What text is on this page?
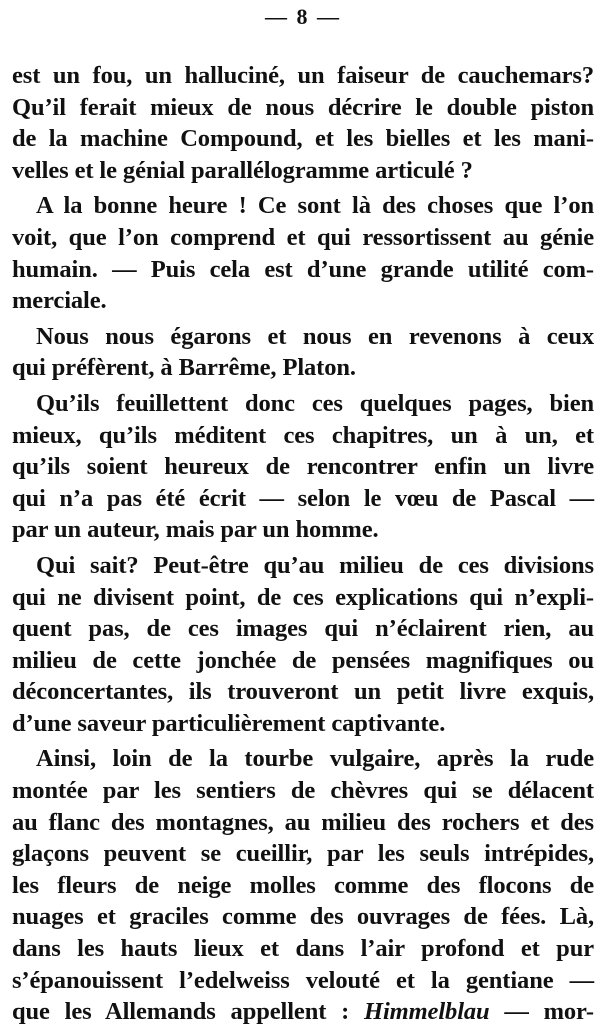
— 8 —
est un fou, un halluciné, un faiseur de cauchemars?
Qu’il ferait mieux de nous décrire le double piston
de la machine Compound, et les bielles et les mani-
velles et le génial parallélogramme articulé ?
A la bonne heure ! Ce sont là des choses que l’on
voit, que l’on comprend et qui ressortissent au génie
humain. — Puis cela est d’une grande utilité com-
merciale.
Nous nous égarons et nous en revenons à ceux
qui préfèrent, à Barrême, Platon.
Qu’ils feuillettent donc ces quelques pages, bien
mieux, qu’ils méditent ces chapitres, un à un, et
qu’ils soient heureux de rencontrer enfin un livre
qui n’a pas été écrit — selon le vœu de Pascal —
par un auteur, mais par un homme.
Qui sait? Peut-être qu’au milieu de ces divisions
qui ne divisent point, de ces explications qui n’expli-
quent pas, de ces images qui n’éclairent rien, au
milieu de cette jonchée de pensées magnifiques ou
déconcertantes, ils trouveront un petit livre exquis,
d’une saveur particulièrement captivante.
Ainsi, loin de la tourbe vulgaire, après la rude
montée par les sentiers de chèvres qui se délacent
au flanc des montagnes, au milieu des rochers et des
glaçons peuvent se cueillir, par les seuls intrépides,
les fleurs de neige molles comme des flocons de
nuages et graciles comme des ouvrages de fées. Là,
dans les hauts lieux et dans l’air profond et pur
s’épanouissent l’edelweiss velouté et la gentiane —
que les Allemands appellent : Himmelblau — mor-
